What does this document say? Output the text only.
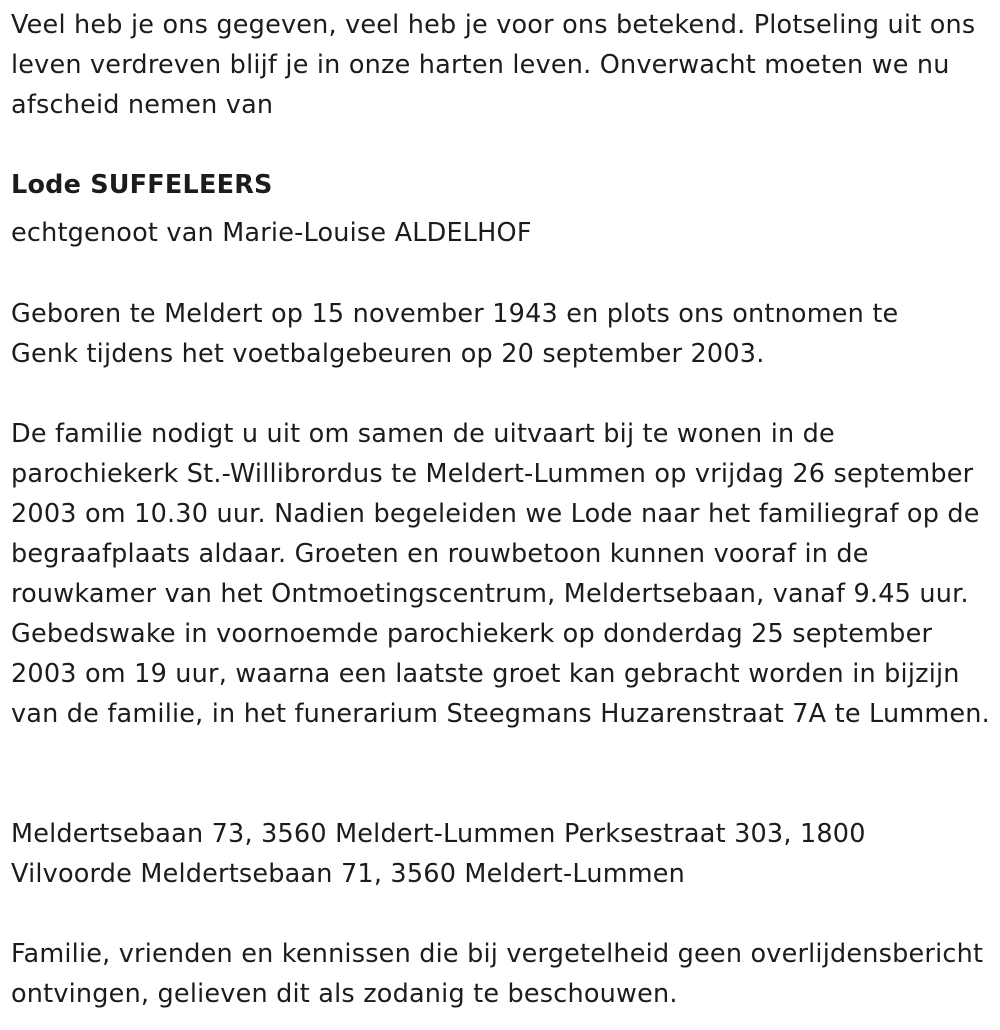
Veel heb je ons gegeven, veel heb je voor ons betekend. Plotseling uit ons leven verdreven blijf je in onze harten leven. Onverwacht moeten we nu afscheid nemen van

Lode SUFFELEERS

echtgenoot van Marie-Louise ALDELHOF

Geboren te Meldert op 15 november 1943 en plots ons ontnomen te Genk tijdens het voetbalgebeuren op 20 september 2003.

De familie nodigt u uit om samen de uitvaart bij te wonen in de parochiekerk St.-Willibrordus te Meldert-Lummen op vrijdag 26 september 2003 om 10.30 uur. Nadien begeleiden we Lode naar het familiegraf op de begraafplaats aldaar. Groeten en rouwbetoon kunnen vooraf in de rouwkamer van het Ontmoetingscentrum, Meldertsebaan, vanaf 9.45 uur. Gebedswake in voornoemde parochiekerk op donderdag 25 september 2003 om 19 uur, waarna een laatste groet kan gebracht worden in bijzijn van de familie, in het funerarium Steegmans Huzarenstraat 7A te Lummen.

Meldertsebaan 73, 3560 Meldert-Lummen Perksestraat 303, 1800 Vilvoorde Meldertsebaan 71, 3560 Meldert-Lummen

Familie, vrienden en kennissen die bij vergetelheid geen overlijdensbericht ontvingen, gelieven dit als zodanig te beschouwen.
